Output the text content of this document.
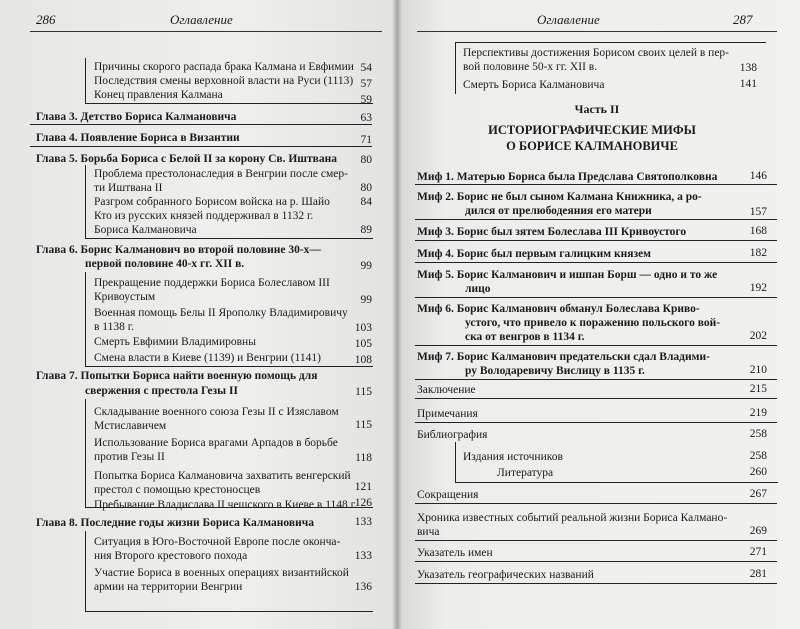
286	Оглавление
Причины скорого распада брака Калмана и Евфимии 54
Последствия смены верховной власти на Руси (1113) 57
Конец правления Калмана	59
Глава 3. Детство Бориса Калмановича	63
Глава 4. Появление Бориса в Византии	71
Глава 5. Борьба Бориса с Белой II за корону Св. Иштвана	80
Проблема престолонаследия в Венгрии после смер-
ти Иштвана II	80
Разгром собранного Борисом войска на р. Шайо	84
Кто из русских князей поддерживал в 1132 г. Бориса Калмановича	89
Глава 6. Борис Калманович во второй половине 30-х—
первой половине 40-х гг. XII в.	99
Прекращение поддержки Бориса Болеславом III
Кривоустым	99
Военная помощь Белы II Ярополку Владимировичу
в 1138 г.	103
Смерть Евфимии Владимировны	105
Смена власти в Киеве (1139) и Венгрии (1141)	108
Глава 7. Попытки Бориса найти военную помощь для
свержения с престола Гезы II	115
Складывание военного союза Гезы II с Изяславом
Мстиславичем	115
Использование Бориса врагами Арпадов в борьбе
против Гезы II	118
Попытка Бориса Калмановича захватить венгерский
престол с помощью крестоносцев	121
Пребывание Владислава II чешского в Киеве в 1148 г.
126
Глава 8. Последние годы жизни Бориса Калмановича	133
Ситуация в Юго-Восточной Европе после оконча-
ния Второго крестового похода	133
Участие Бориса в военных операциях византийской
армии на территории Венгрии	136
Оглавление	287
Перспективы достижения Борисом своих целей в пер-
вой половине 50-х гг. XII в.	138
Смерть Бориса Калмановича	141
Часть II
ИСТОРИОГРАФИЧЕСКИЕ МИФЫ
О БОРИСЕ КАЛМАНОВИЧЕ
Миф 1. Матерью Бориса была Предслава Святополковна	146
Миф 2. Борис не был сыном Калмана Книжника, а ро-
дился от прелюбодеяния его матери	157
Миф 3. Борис был зятем Болеслава III Кривоустого	168
Миф 4. Борис был первым галицким князем	182
Миф 5. Борис Калманович и ишпан Борш — одно и то же
лицо	192
Миф 6. Борис Калманович обманул Болеслава Криво-
устого, что привело к поражению польского вой-
ска от венгров в 1134 г.	202
Миф 7. Борис Калманович предательски сдал Владими-
ру Володаревичу Вислицу в 1135 г.	210
Заключение	215
Примечания	219
Библиография	258
Издания источников	258
Литература	260
Сокращения	267
Хроника известных событий реальной жизни Бориса Калмано-
вича	269
Указатель имен	271
Указатель географических названий	281
